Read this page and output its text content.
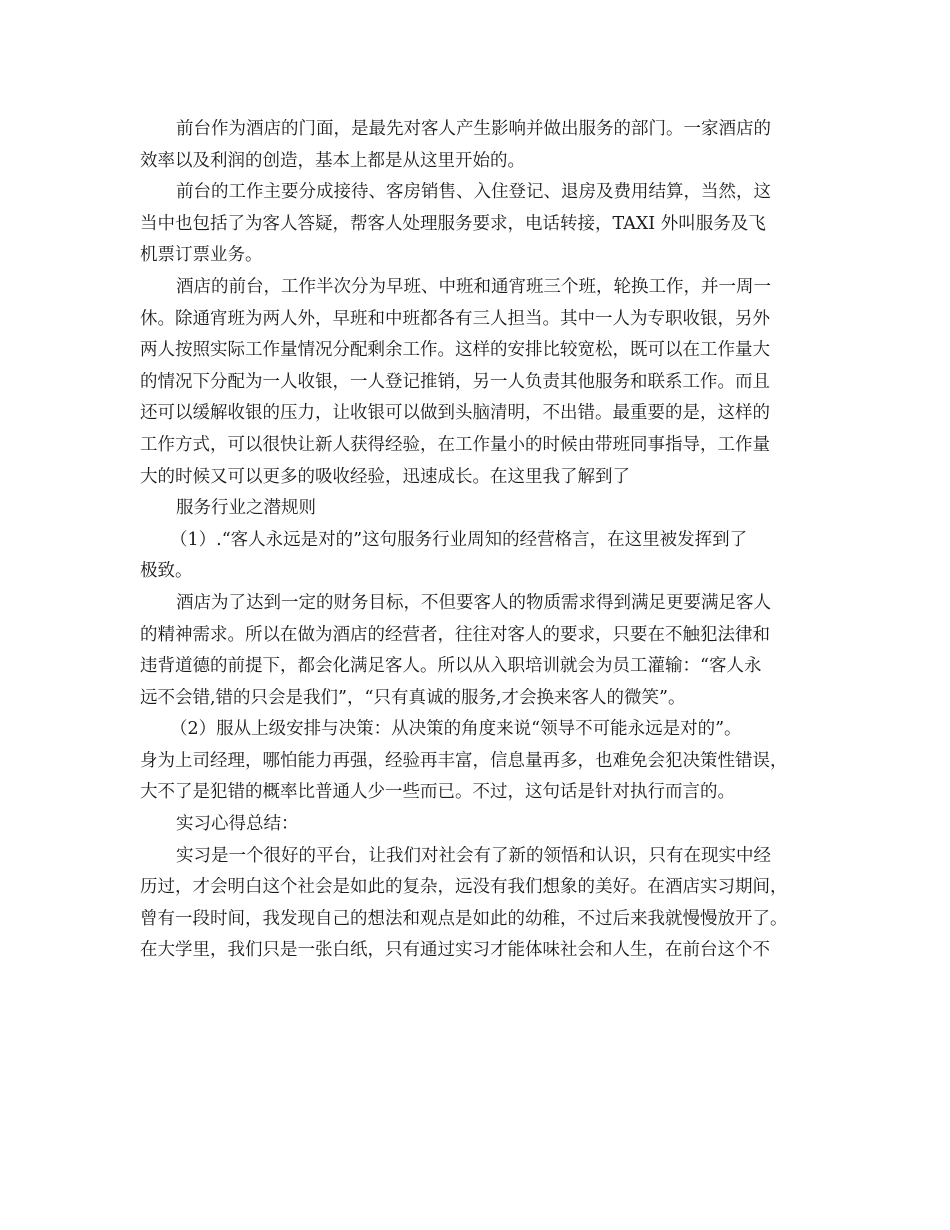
前台作为酒店的门面，是最先对客人产生影响并做出服务的部门。一家酒店的
效率以及利润的创造，基本上都是从这里开始的。
前台的工作主要分成接待、客房销售、入住登记、退房及费用结算，当然，这
当中也包括了为客人答疑，帮客人处理服务要求，电话转接，TAXI 外叫服务及飞
机票订票业务。
酒店的前台，工作半次分为早班、中班和通宵班三个班，轮换工作，并一周一
休。除通宵班为两人外，早班和中班都各有三人担当。其中一人为专职收银，另外
两人按照实际工作量情况分配剩余工作。这样的安排比较宽松，既可以在工作量大
的情况下分配为一人收银，一人登记推销，另一人负责其他服务和联系工作。而且
还可以缓解收银的压力，让收银可以做到头脑清明，不出错。最重要的是，这样的
工作方式，可以很快让新人获得经验，在工作量小的时候由带班同事指导，工作量
大的时候又可以更多的吸收经验，迅速成长。在这里我了解到了
服务行业之潜规则
（1）.“客人永远是对的”这句服务行业周知的经营格言，在这里被发挥到了
极致。
酒店为了达到一定的财务目标，不但要客人的物质需求得到满足更要满足客人
的精神需求。所以在做为酒店的经营者，往往对客人的要求，只要在不触犯法律和
违背道德的前提下，都会化满足客人。所以从入职培训就会为员工灌输：“客人永
远不会错,错的只会是我们”，“只有真诚的服务,才会换来客人的微笑”。
（2）服从上级安排与决策：从决策的角度来说“领导不可能永远是对的”。
身为上司经理，哪怕能力再强，经验再丰富，信息量再多，也难免会犯决策性错误，
大不了是犯错的概率比普通人少一些而已。不过，这句话是针对执行而言的。
实习心得总结：
实习是一个很好的平台，让我们对社会有了新的领悟和认识，只有在现实中经
历过，才会明白这个社会是如此的复杂，远没有我们想象的美好。在酒店实习期间，
曾有一段时间，我发现自己的想法和观点是如此的幼稚，不过后来我就慢慢放开了。
在大学里，我们只是一张白纸，只有通过实习才能体味社会和人生，在前台这个不
